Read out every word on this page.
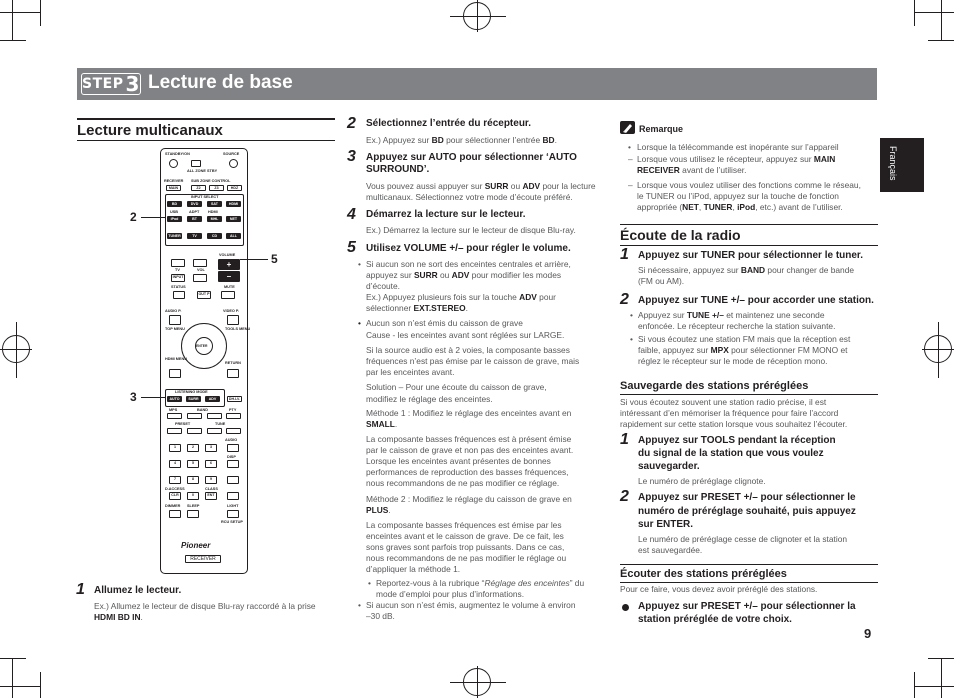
STEP 3 Lecture de base
Français
9
Lecture multicanaux
STANDBY/ON	SOURCE
ALL ZONE STBY
RECEIVER SUB ZONE CONTROL
MAIN	Z2	Z3	HDZ
INPUT SELECT
BD	DVD	SAT	HDMI
USB	ADPT HDMI
iPod	BT	MHL	NET
TUNER	TV	CD	ALL
VOLUME
+
–
TV	VOL
INPUT
STATUS	MUTE
OUT P
AUDIO P.	VIDEO P.
TOP MENU	TOOLS MENU
ENTER
HDMI MENU
RETURN
LISTENING MODE
AUTO	SURR	ADV	DH.LV.
MPS	BAND	PTY
PRESET	TUNE
AUDIO
1	2	3
DISP
4	5	6
7	8	9
D.ACCESS	CLASS
CLR	0	ENT
DIMMER SLEEP	LIGHT
RCU SETUP
Pioneer
RECEIVER
2
5
3
1 Allumez le lecteur.
Ex.) Allumez le lecteur de disque Blu-ray raccordé à la prise HDMI BD IN.
2 Sélectionnez l’entrée du récepteur.
Ex.) Appuyez sur BD pour sélectionner l’entrée BD.
3 Appuyez sur AUTO pour sélectionner ‘AUTO
SURROUND’.
Vous pouvez aussi appuyer sur SURR ou ADV pour la lecture
multicanaux. Sélectionnez votre mode d’écoute préféré.
4 Démarrez la lecture sur le lecteur.
Ex.) Démarrez la lecture sur le lecteur de disque Blu-ray.
5 Utilisez VOLUME +/– pour régler le volume.
• Si aucun son ne sort des enceintes centrales et arrière,
appuyez sur SURR ou ADV pour modifier les modes
d’écoute.
Ex.) Appuyez plusieurs fois sur la touche ADV pour
sélectionner EXT.STEREO.
• Aucun son n’est émis du caisson de grave
Cause - les enceintes avant sont réglées sur LARGE.
Si la source audio est à 2 voies, la composante basses
fréquences n’est pas émise par le caisson de grave, mais
par les enceintes avant.
Solution – Pour une écoute du caisson de grave,
modifiez le réglage des enceintes.
Méthode 1 : Modifiez le réglage des enceintes avant en
SMALL.
La composante basses fréquences est à présent émise
par le caisson de grave et non pas des enceintes avant.
Lorsque les enceintes avant présentes de bonnes
performances de reproduction des basses fréquences,
nous recommandons de ne pas modifier ce réglage.
Méthode 2 : Modifiez le réglage du caisson de grave en
PLUS.
La composante basses fréquences est émise par les
enceintes avant et le caisson de grave. De ce fait, les
sons graves sont parfois trop puissants. Dans ce cas,
nous recommandons de ne pas modifier le réglage ou
d’appliquer la méthode 1.
• Reportez-vous à la rubrique “Réglage des enceintes” du
mode d’emploi pour plus d’informations.
• Si aucun son n’est émis, augmentez le volume à environ
–30 dB.
Remarque
• Lorsque la télécommande est inopérante sur l’appareil
– Lorsque vous utilisez le récepteur, appuyez sur MAIN
RECEIVER avant de l’utiliser.
– Lorsque vous voulez utiliser des fonctions comme le réseau,
le TUNER ou l’iPod, appuyez sur la touche de fonction
appropriée (NET, TUNER, iPod, etc.) avant de l’utiliser.
Écoute de la radio
1 Appuyez sur TUNER pour sélectionner le tuner.
Si nécessaire, appuyez sur BAND pour changer de bande
(FM ou AM).
2 Appuyez sur TUNE +/– pour accorder une station.
• Appuyez sur TUNE +/– et maintenez une seconde
enfoncée. Le récepteur recherche la station suivante.
• Si vous écoutez une station FM mais que la réception est
faible, appuyez sur MPX pour sélectionner FM MONO et
réglez le récepteur sur le mode de réception mono.
Sauvegarde des stations préréglées
Si vous écoutez souvent une station radio précise, il est
intéressant d’en mémoriser la fréquence pour faire l’accord
rapidement sur cette station lorsque vous souhaitez l’écouter.
1 Appuyez sur TOOLS pendant la réception
du signal de la station que vous voulez
sauvegarder.
Le numéro de préréglage clignote.
2 Appuyez sur PRESET +/– pour sélectionner le
numéro de préréglage souhaité, puis appuyez
sur ENTER.
Le numéro de préréglage cesse de clignoter et la station
est sauvegardée.
Écouter des stations préréglées
Pour ce faire, vous devez avoir préréglé des stations.
Appuyez sur PRESET +/– pour sélectionner la
station préréglée de votre choix.
